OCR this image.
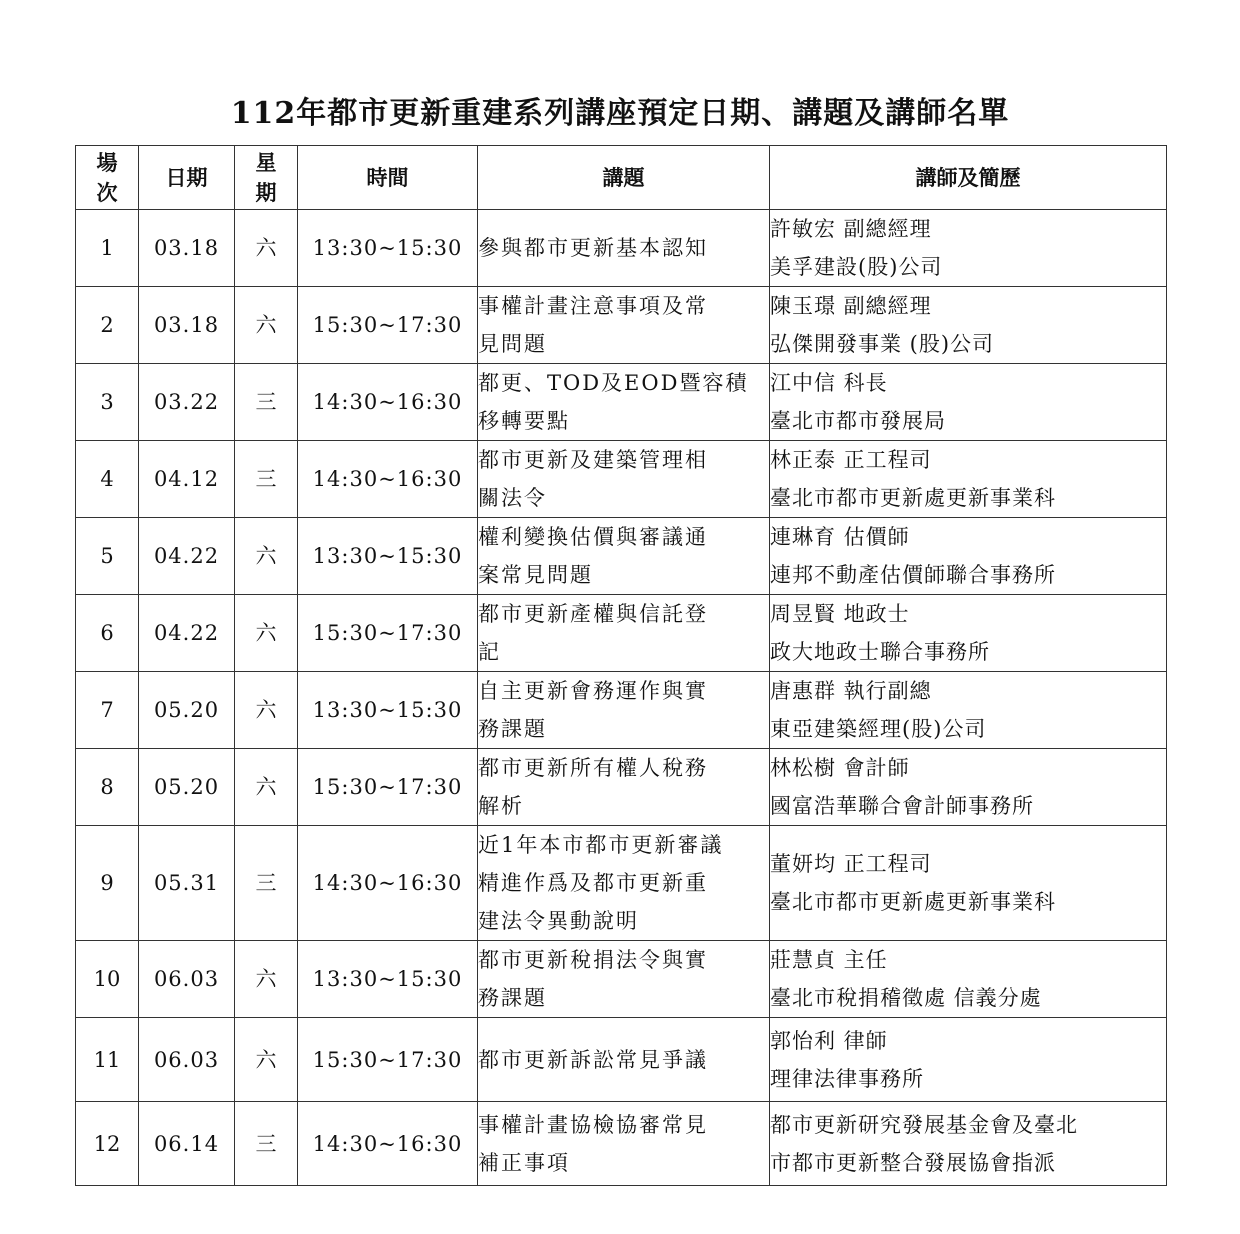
112年都市更新重建系列講座預定日期、講題及講師名單
場次	日期	星期	時間	講題	講師及簡歷
1	03.18	六	13:30~15:30	參與都市更新基本認知	許敏宏 副總經理
美孚建設(股)公司

2	03.18	六	15:30~17:30	事權計畫注意事項及常
見問題	陳玉璟 副總經理
弘傑開發事業 (股)公司

3	03.22	三	14:30~16:30	都更、TOD及EOD暨容積
移轉要點	江中信 科長
臺北市都市發展局

4	04.12	三	14:30~16:30	都市更新及建築管理相
關法令	林正泰 正工程司
臺北市都市更新處更新事業科

5	04.22	六	13:30~15:30	權利變換估價與審議通
案常見問題	連琳育 估價師
連邦不動產估價師聯合事務所

6	04.22	六	15:30~17:30	都市更新產權與信託登
記	周昱賢 地政士
政大地政士聯合事務所

7	05.20	六	13:30~15:30	自主更新會務運作與實
務課題	唐惠群 執行副總
東亞建築經理(股)公司

8	05.20	六	15:30~17:30	都市更新所有權人稅務
解析	林松樹 會計師
國富浩華聯合會計師事務所

9	05.31	三	14:30~16:30	近1年本市都市更新審議
精進作爲及都市更新重
建法令異動說明	董妍均 正工程司
臺北市都市更新處更新事業科

10	06.03	六	13:30~15:30	都市更新稅捐法令與實
務課題	莊慧貞 主任
臺北市稅捐稽徵處 信義分處

11	06.03	六	15:30~17:30	都市更新訴訟常見爭議	郭怡利 律師
理律法律事務所

12	06.14	三	14:30~16:30	事權計畫協檢協審常見
補正事項	都市更新研究發展基金會及臺北
市都市更新整合發展協會指派
